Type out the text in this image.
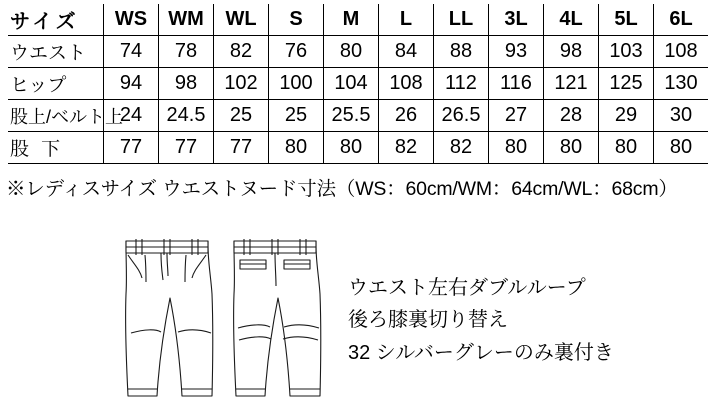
サイズ	WS	WM	WL	S	M	L	LL	3L	4L	5L	6L
ウエスト	74	78	82	76	80	84	88	93	98	103	108
ヒップ	94	98	102	100	104	108	112	116	121	125	130
股上/ベルト上	24	24.5	25	25	25.5	26	26.5	27	28	29	30
股 下	77	77	77	80	80	82	82	80	80	80	80
※レディスサイズ ウエストヌード寸法（WS：60cm/WM：64cm/WL：68cm）
ウエスト左右ダブルループ
後ろ膝裏切り替え
32 シルバーグレーのみ裏付き
